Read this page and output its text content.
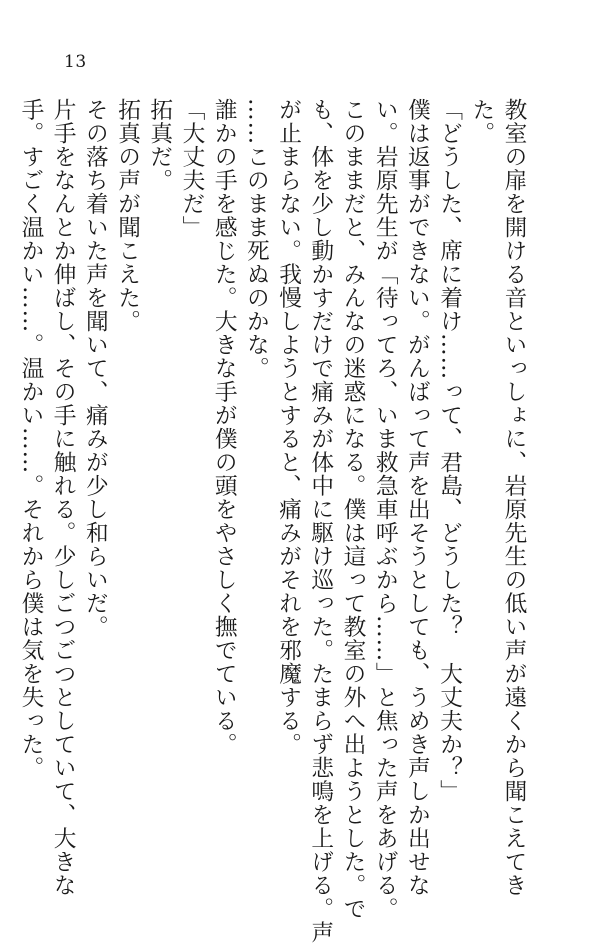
13
教室の扉を開ける音といっしょに、岩原先生の低い声が遠くから聞こえてき
た。
「どうした、席に着け……って、君島、どうした？　大丈夫か？」
僕は返事ができない。がんばって声を出そうとしても、うめき声しか出せな
い。岩原先生が「待ってろ、いま救急車呼ぶから……」と焦った声をあげる。
このままだと、みんなの迷惑になる。僕は這って教室の外へ出ようとした。で
も、体を少し動かすだけで痛みが体中に駆け巡った。たまらず悲鳴を上げる。声
が止まらない。我慢しようとすると、痛みがそれを邪魔する。
……このまま死ぬのかな。
誰かの手を感じた。大きな手が僕の頭をやさしく撫でている。
「大丈夫だ」
拓真だ。
拓真の声が聞こえた。
その落ち着いた声を聞いて、痛みが少し和らいだ。
片手をなんとか伸ばし、その手に触れる。少しごつごつとしていて、大きな
手。すごく温かい……。温かい……。それから僕は気を失った。
